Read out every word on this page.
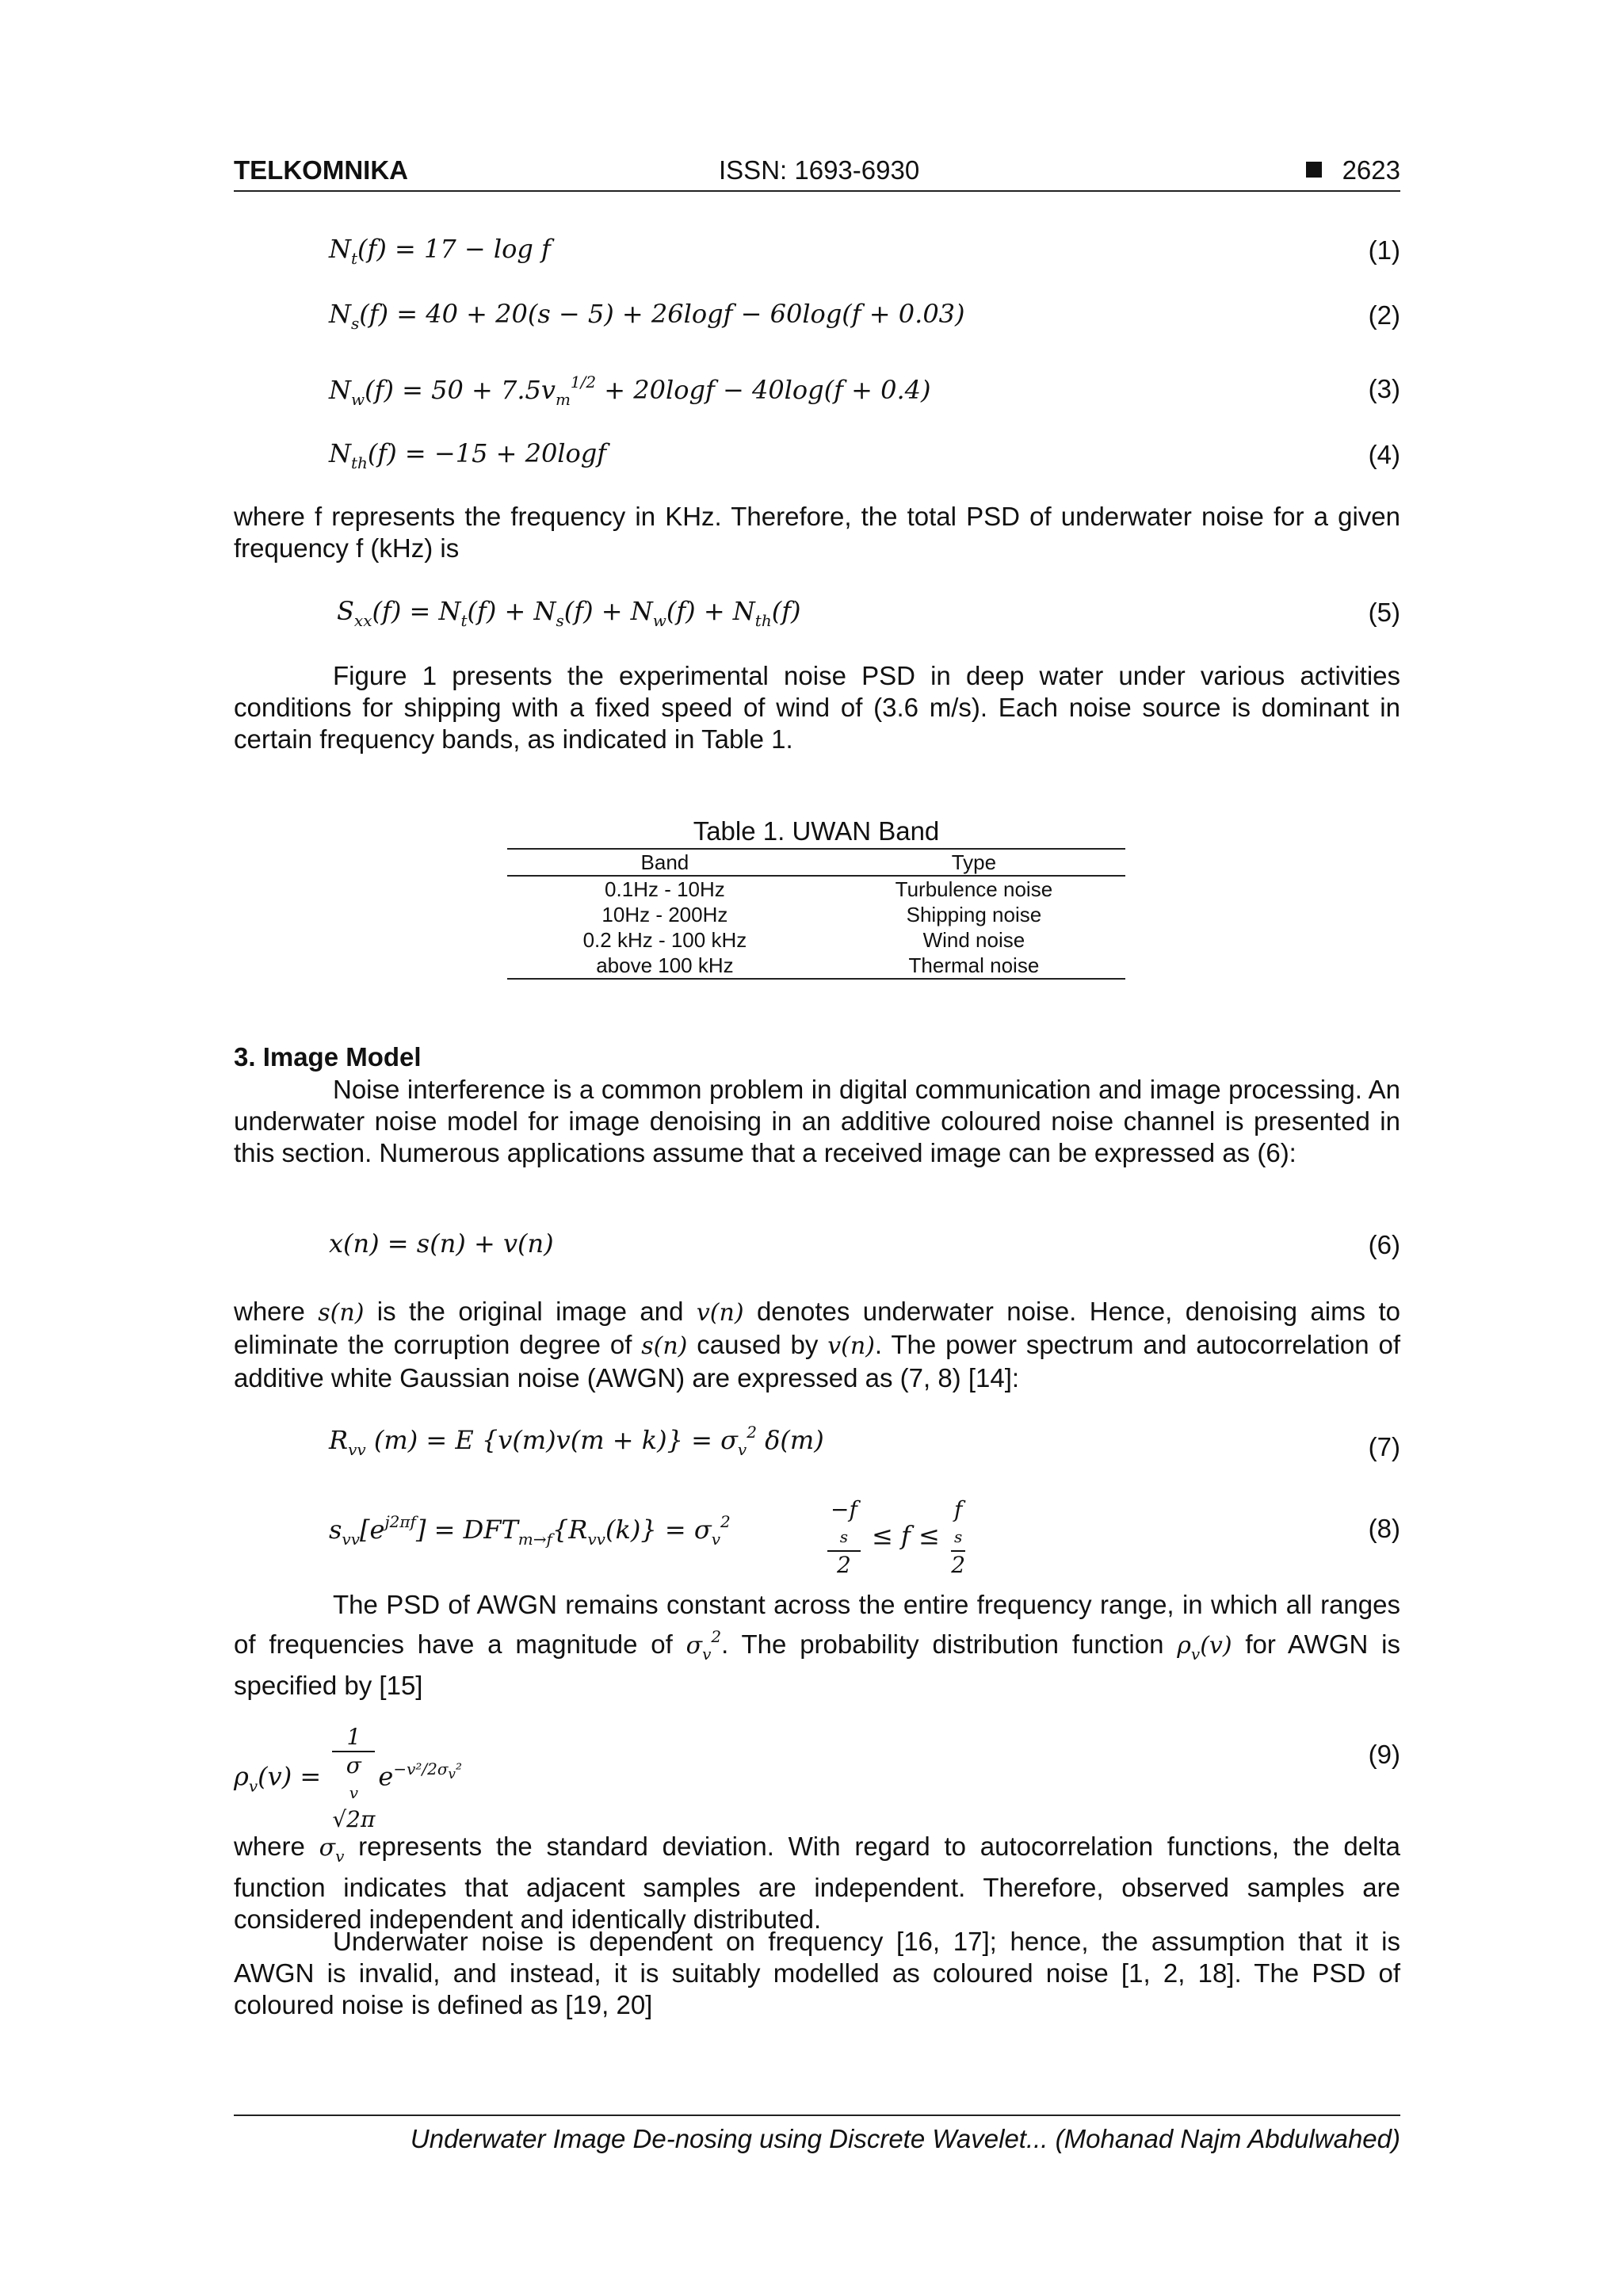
TELKOMNIKA	ISSN: 1693-6930	2623
$N_t(f) = 17 - \log f$	(1)
$N_s(f) = 40 + 20(s - 5) + 26\log f - 60\log(f + 0.03)$	(2)
$N_w(f) = 50 + 7.5v_m^{1/2} + 20\log f - 40\log(f + 0.4)$	(3)
$N_{th}(f) = -15 + 20\log f$	(4)
where f represents the frequency in KHz. Therefore, the total PSD of underwater noise for a given frequency f (kHz) is
$S_{xx}(f) = N_t(f) + N_s(f) + N_w(f) + N_{th}(f)$	(5)
Figure 1 presents the experimental noise PSD in deep water under various activities conditions for shipping with a fixed speed of wind of (3.6 m/s). Each noise source is dominant in certain frequency bands, as indicated in Table 1.
Table 1. UWAN Band
Band	Type
0.1Hz - 10Hz	Turbulence noise
10Hz - 200Hz	Shipping noise
0.2 kHz - 100 kHz	Wind noise
above 100 kHz	Thermal noise
3. Image Model
Noise interference is a common problem in digital communication and image processing. An underwater noise model for image denoising in an additive coloured noise channel is presented in this section. Numerous applications assume that a received image can be expressed as (6):
x(n) = s(n) + v(n)	(6)
where s(n) is the original image and v(n) denotes underwater noise. Hence, denoising aims to eliminate the corruption degree of s(n) caused by v(n). The power spectrum and autocorrelation of additive white Gaussian noise (AWGN) are expressed as (7, 8) [14]:
$R_{vv}$ (m) = E $\{v(m)v(m + k)\} = \sigma_v^2$ δ(m)	(7)
$s_{vv}[e^{j2\pi f}] = DFT_{m\to f}\{R_{vv}(k)\} = \sigma_v^2$	−f
s
2 ≤ f ≤ f
s
2	(8)
The PSD of AWGN remains constant across the entire frequency range, in which all ranges of frequencies have a magnitude of $\sigma_v^2$. The probability distribution function $\rho_v(v)$ for AWGN is specified by [15]
$\rho_v(v) = 1$
σ
v
√2π $e^{-v^2/2\sigma_v^2}$	(9)
where $\sigma_v$ represents the standard deviation. With regard to autocorrelation functions, the delta function indicates that adjacent samples are independent. Therefore, observed samples are considered independent and identically distributed.
Underwater noise is dependent on frequency [16, 17]; hence, the assumption that it is AWGN is invalid, and instead, it is suitably modelled as coloured noise [1, 2, 18]. The PSD of coloured noise is defined as [19, 20]
Underwater Image De-nosing using Discrete Wavelet... (Mohanad Najm Abdulwahed)
